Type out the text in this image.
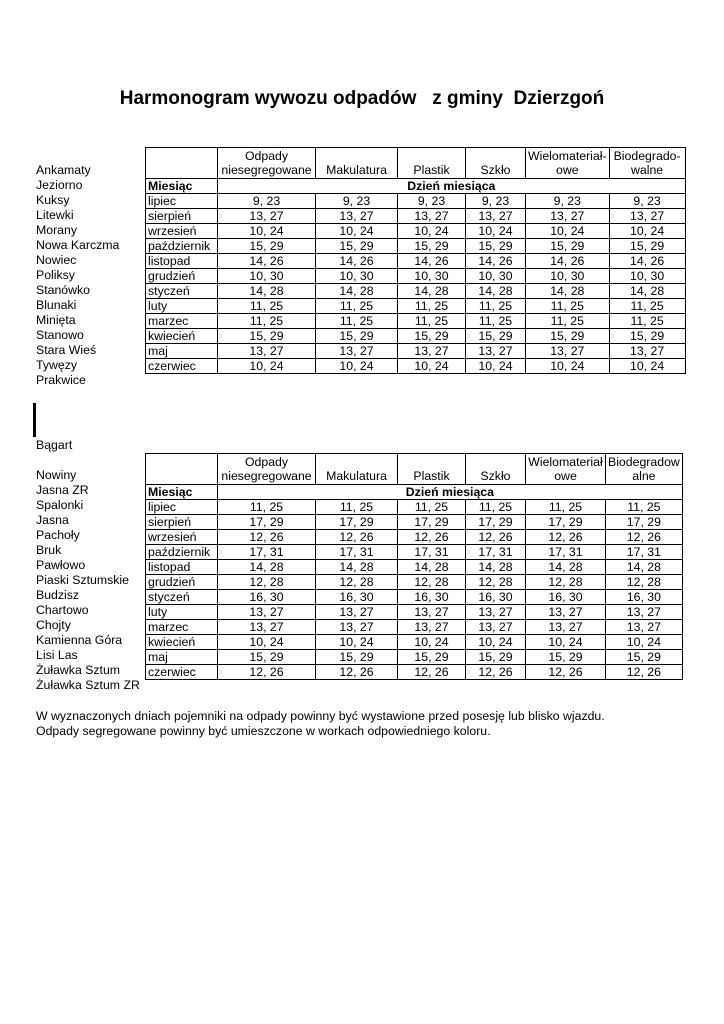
Harmonogram wywozu odpadów   z gminy  Dzierzgoń
Ankamaty
Jeziorno
Kuksy
Litewki
Morany
Nowa Karczma
Nowiec
Poliksy
Stanówko
Blunaki
Minięta
Stanowo
Stara Wieś
Tywęzy
Prakwice
	Odpady niesegregowane	Makulatura	Plastik	Szkło	Wielomateriał-owe	Biodegrado-walne
Miesiąc	Dzień miesiąca					
lipiec	9, 23	9, 23	9, 23	9, 23	9, 23	9, 23
sierpień	13, 27	13, 27	13, 27	13, 27	13, 27	13, 27
wrzesień	10, 24	10, 24	10, 24	10, 24	10, 24	10, 24
październik	15, 29	15, 29	15, 29	15, 29	15, 29	15, 29
listopad	14, 26	14, 26	14, 26	14, 26	14, 26	14, 26
grudzień	10, 30	10, 30	10, 30	10, 30	10, 30	10, 30
styczeń	14, 28	14, 28	14, 28	14, 28	14, 28	14, 28
luty	11, 25	11, 25	11, 25	11, 25	11, 25	11, 25
marzec	11, 25	11, 25	11, 25	11, 25	11, 25	11, 25
kwiecień	15, 29	15, 29	15, 29	15, 29	15, 29	15, 29
maj	13, 27	13, 27	13, 27	13, 27	13, 27	13, 27
czerwiec	10, 24	10, 24	10, 24	10, 24	10, 24	10, 24
Bągart
Nowiny
Jasna ZR
Spalonki
Jasna
Pachoły
Bruk
Pawłowo
Piaski Sztumskie
Budzisz
Chartowo
Chojty
Kamienna Góra
Lisi Las
Żuławka Sztum
Żuławka Sztum ZR
	Odpady niesegregowane	Makulatura	Plastik	Szkło	Wielomateriał owe	Biodegradow alne
Miesiąc	Dzień miesiąca					
lipiec	11, 25	11, 25	11, 25	11, 25	11, 25	11, 25
sierpień	17, 29	17, 29	17, 29	17, 29	17, 29	17, 29
wrzesień	12, 26	12, 26	12, 26	12, 26	12, 26	12, 26
październik	17, 31	17, 31	17, 31	17, 31	17, 31	17, 31
listopad	14, 28	14, 28	14, 28	14, 28	14, 28	14, 28
grudzień	12, 28	12, 28	12, 28	12, 28	12, 28	12, 28
styczeń	16, 30	16, 30	16, 30	16, 30	16, 30	16, 30
luty	13, 27	13, 27	13, 27	13, 27	13, 27	13, 27
marzec	13, 27	13, 27	13, 27	13, 27	13, 27	13, 27
kwiecień	10, 24	10, 24	10, 24	10, 24	10, 24	10, 24
maj	15, 29	15, 29	15, 29	15, 29	15, 29	15, 29
czerwiec	12, 26	12, 26	12, 26	12, 26	12, 26	12, 26
W wyznaczonych dniach pojemniki na odpady powinny być wystawione przed posesję lub blisko wjazdu.
Odpady segregowane powinny być umieszczone w workach odpowiedniego koloru.
